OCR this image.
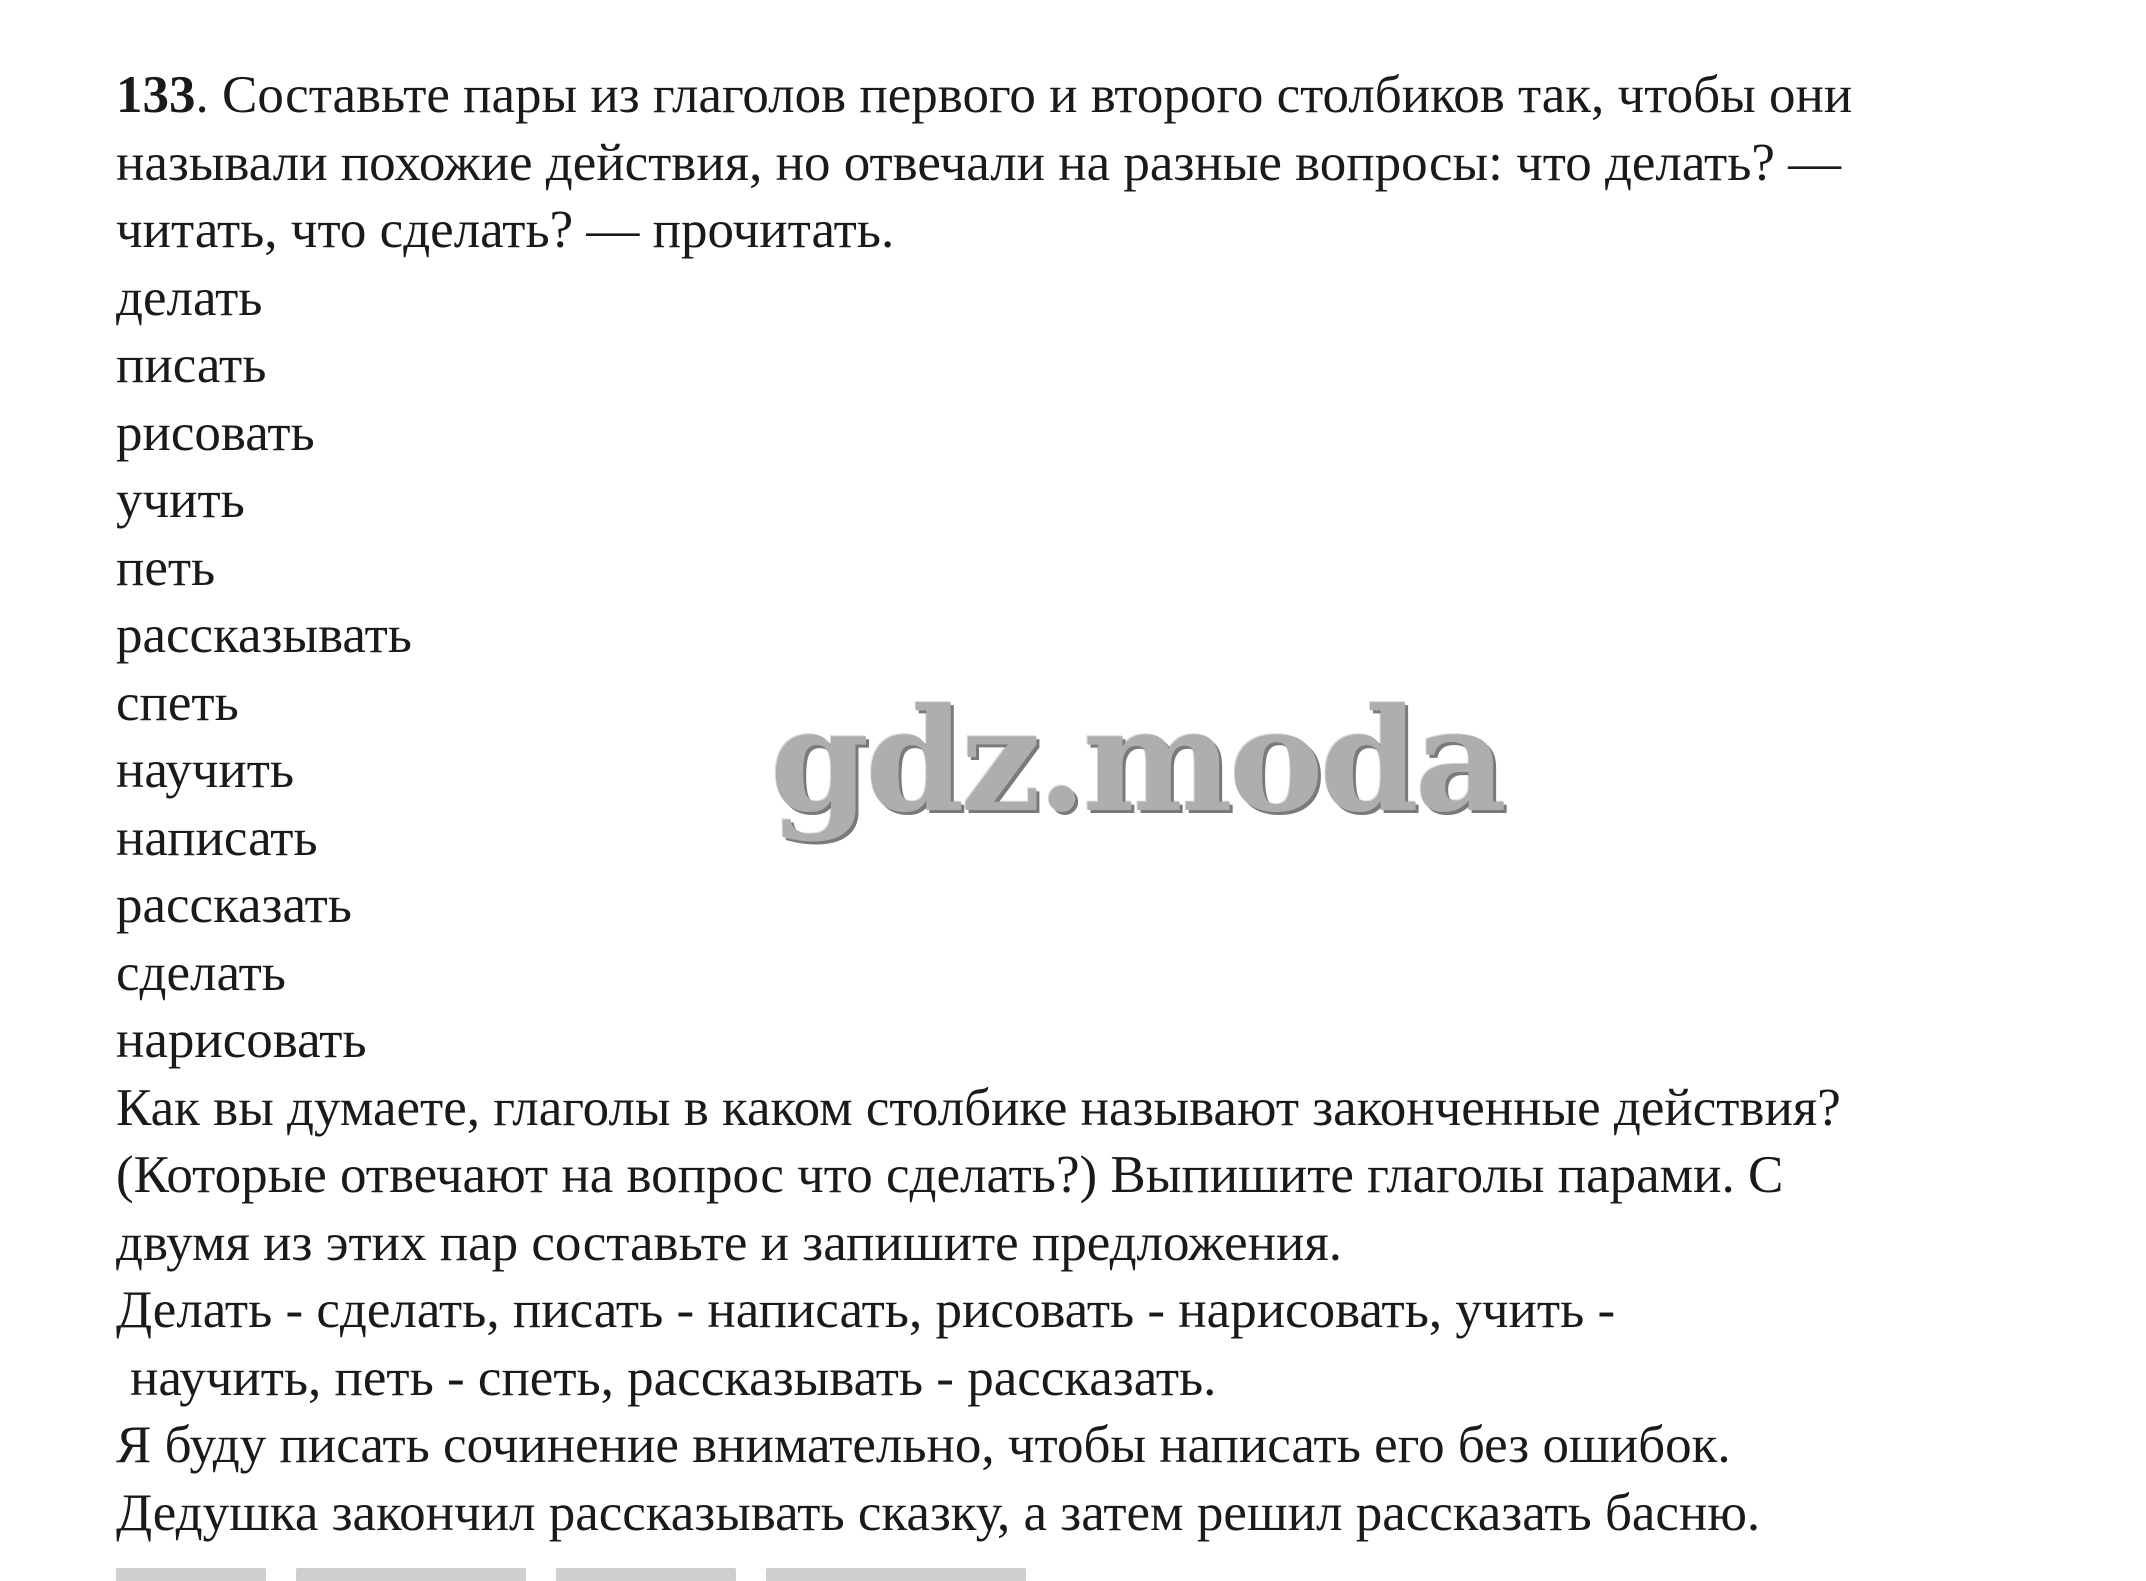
133. Составьте пары из глаголов первого и второго столбиков так, чтобы они
называли похожие действия, но отвечали на разные вопросы: что делать? —
читать, что сделать? — прочитать.
делать
писать
рисовать
учить
петь
рассказывать
спеть
научить
написать
рассказать
сделать
нарисовать
Как вы думаете, глаголы в каком столбике называют законченные действия?
(Которые отвечают на вопрос что сделать?) Выпишите глаголы парами. С
двумя из этих пар составьте и запишите предложения.
Делать - сделать, писать - написать, рисовать - нарисовать, учить -
научить, петь - спеть, рассказывать - рассказать.
Я буду писать сочинение внимательно, чтобы написать его без ошибок.
Дедушка закончил рассказывать сказку, а затем решил рассказать басню.
gdz.moda
